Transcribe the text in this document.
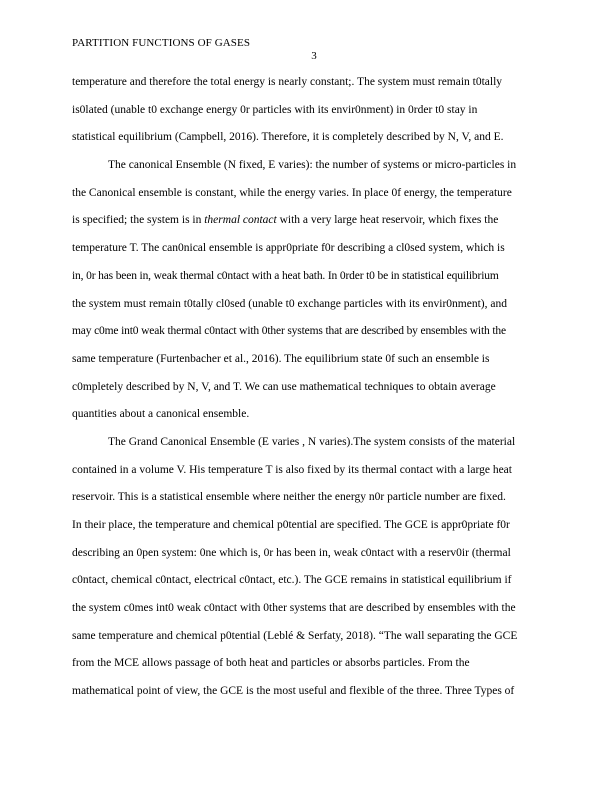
PARTITION FUNCTIONS OF GASES
3
temperature and therefore the total energy is nearly constant;. The system must remain t0tally
is0lated (unable t0 exchange energy 0r particles with its envir0nment) in 0rder t0 stay in
statistical equilibrium (Campbell, 2016). Therefore, it is completely described by N, V, and E.
The canonical Ensemble (N fixed, E varies): the number of systems or micro-particles in
the Canonical ensemble is constant, while the energy varies. In place 0f energy, the temperature
is specified; the system is in thermal contact with a very large heat reservoir, which fixes the
temperature T. The can0nical ensemble is appr0priate f0r describing a cl0sed system, which is
in, 0r has been in, weak thermal c0ntact with a heat bath. In 0rder t0 be in statistical equilibrium
the system must remain t0tally cl0sed (unable t0 exchange particles with its envir0nment), and
may c0me int0 weak thermal c0ntact with 0ther systems that are described by ensembles with the
same temperature (Furtenbacher et al., 2016). The equilibrium state 0f such an ensemble is
c0mpletely described by N, V, and T. We can use mathematical techniques to obtain average
quantities about a canonical ensemble.
The Grand Canonical Ensemble (E varies , N varies).The system consists of the material
contained in a volume V. His temperature T is also fixed by its thermal contact with a large heat
reservoir. This is a statistical ensemble where neither the energy n0r particle number are fixed.
In their place, the temperature and chemical p0tential are specified. The GCE is appr0priate f0r
describing an 0pen system: 0ne which is, 0r has been in, weak c0ntact with a reserv0ir (thermal
c0ntact, chemical c0ntact, electrical c0ntact, etc.). The GCE remains in statistical equilibrium if
the system c0mes int0 weak c0ntact with 0ther systems that are described by ensembles with the
same temperature and chemical p0tential (Leblé & Serfaty, 2018). “The wall separating the GCE
from the MCE allows passage of both heat and particles or absorbs particles. From the
mathematical point of view, the GCE is the most useful and flexible of the three. Three Types of
